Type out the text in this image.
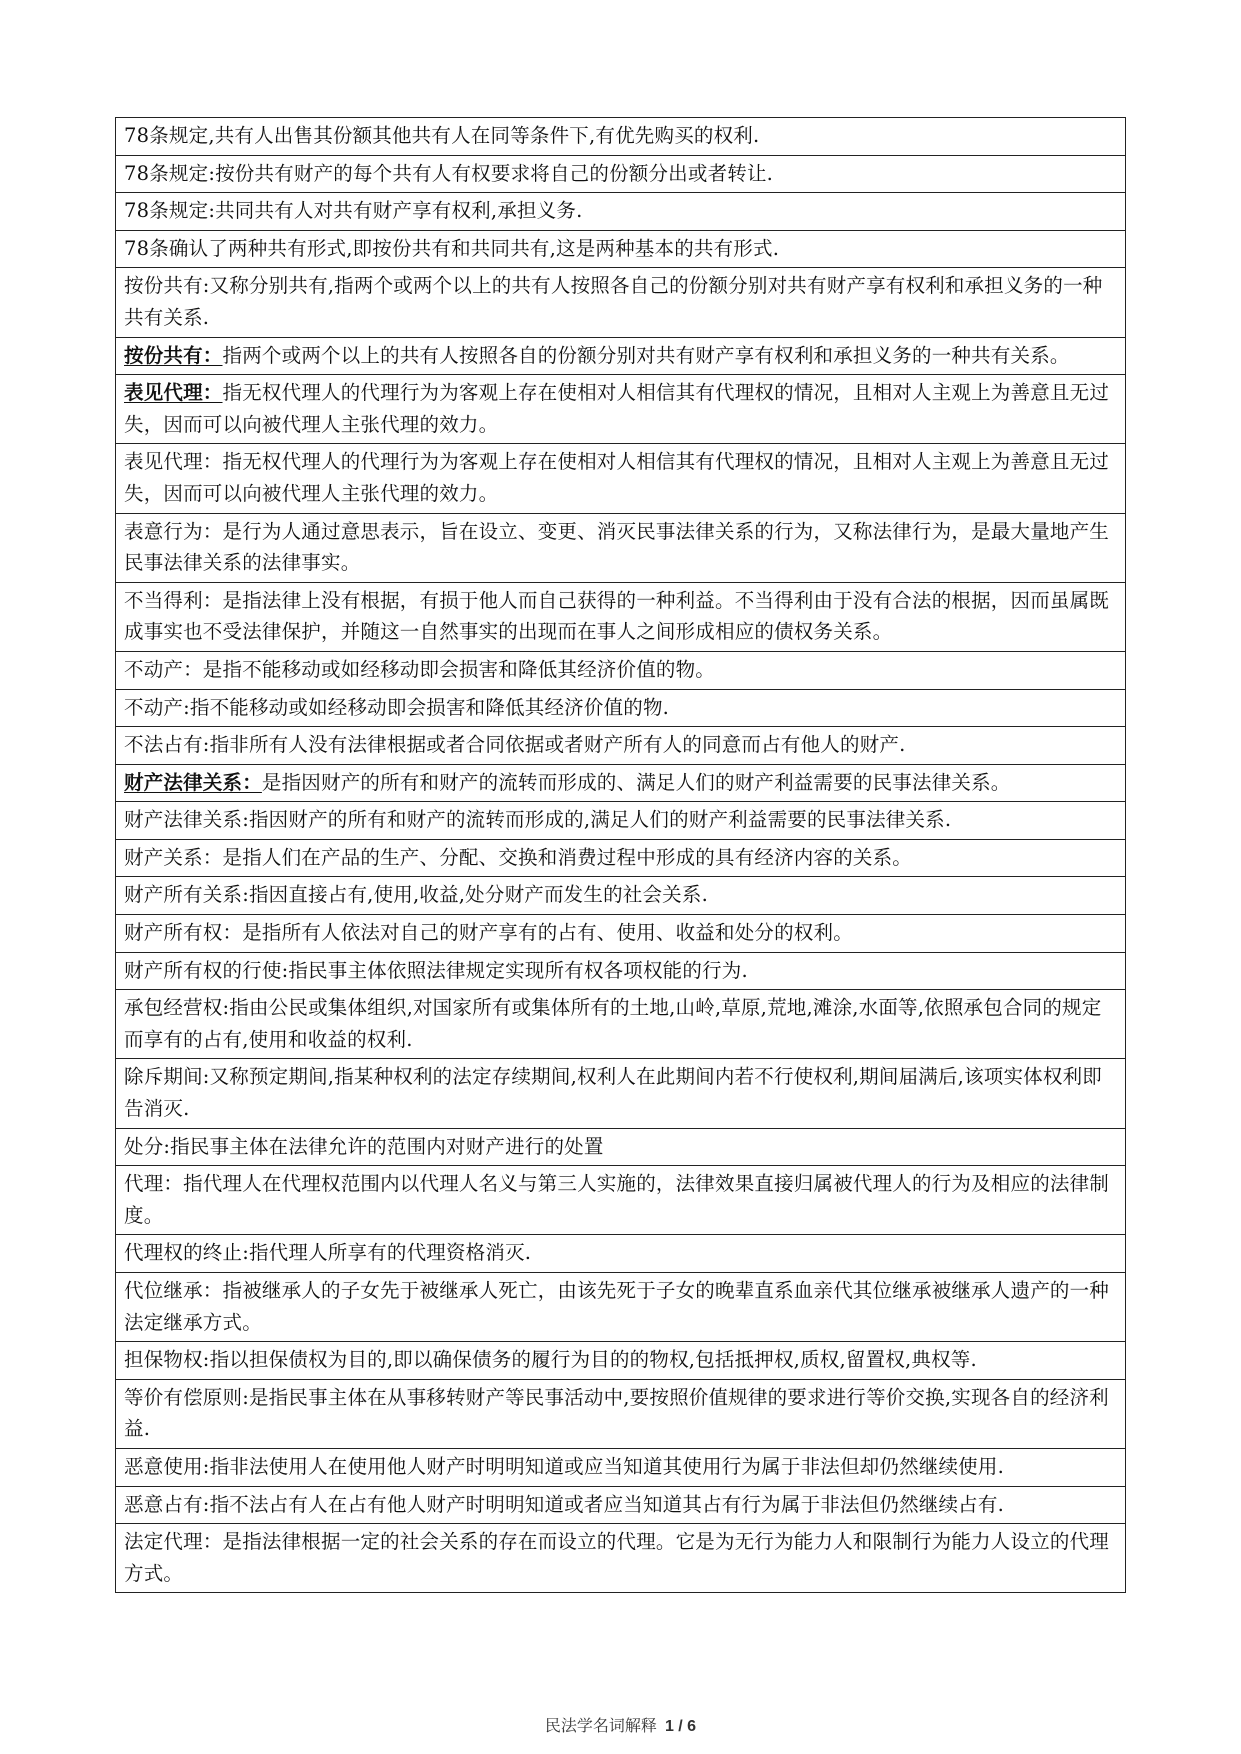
78条规定,共有人出售其份额其他共有人在同等条件下,有优先购买的权利.
78条规定:按份共有财产的每个共有人有权要求将自己的份额分出或者转让.
78条规定:共同共有人对共有财产享有权利,承担义务.
78条确认了两种共有形式,即按份共有和共同共有,这是两种基本的共有形式.
按份共有:又称分别共有,指两个或两个以上的共有人按照各自己的份额分别对共有财产享有权利和承担义务的一种共有关系.
按份共有：指两个或两个以上的共有人按照各自的份额分别对共有财产享有权利和承担义务的一种共有关系。
表见代理：指无权代理人的代理行为为客观上存在使相对人相信其有代理权的情况，且相对人主观上为善意且无过失，因而可以向被代理人主张代理的效力。
表见代理：指无权代理人的代理行为为客观上存在使相对人相信其有代理权的情况，且相对人主观上为善意且无过失，因而可以向被代理人主张代理的效力。
表意行为：是行为人通过意思表示，旨在设立、变更、消灭民事法律关系的行为，又称法律行为，是最大量地产生民事法律关系的法律事实。
不当得利：是指法律上没有根据，有损于他人而自己获得的一种利益。不当得利由于没有合法的根据，因而虽属既成事实也不受法律保护，并随这一自然事实的出现而在事人之间形成相应的债权务关系。
不动产：是指不能移动或如经移动即会损害和降低其经济价值的物。
不动产:指不能移动或如经移动即会损害和降低其经济价值的物.
不法占有:指非所有人没有法律根据或者合同依据或者财产所有人的同意而占有他人的财产.
财产法律关系：是指因财产的所有和财产的流转而形成的、满足人们的财产利益需要的民事法律关系。
财产法律关系:指因财产的所有和财产的流转而形成的,满足人们的财产利益需要的民事法律关系.
财产关系：是指人们在产品的生产、分配、交换和消费过程中形成的具有经济内容的关系。
财产所有关系:指因直接占有,使用,收益,处分财产而发生的社会关系.
财产所有权：是指所有人依法对自己的财产享有的占有、使用、收益和处分的权利。
财产所有权的行使:指民事主体依照法律规定实现所有权各项权能的行为.
承包经营权:指由公民或集体组织,对国家所有或集体所有的土地,山岭,草原,荒地,滩涂,水面等,依照承包合同的规定而享有的占有,使用和收益的权利.
除斥期间:又称预定期间,指某种权利的法定存续期间,权利人在此期间内若不行使权利,期间届满后,该项实体权利即告消灭.
处分:指民事主体在法律允许的范围内对财产进行的处置
代理：指代理人在代理权范围内以代理人名义与第三人实施的，法律效果直接归属被代理人的行为及相应的法律制度。
代理权的终止:指代理人所享有的代理资格消灭.
代位继承：指被继承人的子女先于被继承人死亡，由该先死于子女的晚辈直系血亲代其位继承被继承人遗产的一种法定继承方式。
担保物权:指以担保债权为目的,即以确保债务的履行为目的的物权,包括抵押权,质权,留置权,典权等.
等价有偿原则:是指民事主体在从事移转财产等民事活动中,要按照价值规律的要求进行等价交换,实现各自的经济利益.
恶意使用:指非法使用人在使用他人财产时明明知道或应当知道其使用行为属于非法但却仍然继续使用.
恶意占有:指不法占有人在占有他人财产时明明知道或者应当知道其占有行为属于非法但仍然继续占有.
法定代理：是指法律根据一定的社会关系的存在而设立的代理。它是为无行为能力人和限制行为能力人设立的代理方式。
民法学名词解释 1 / 6
